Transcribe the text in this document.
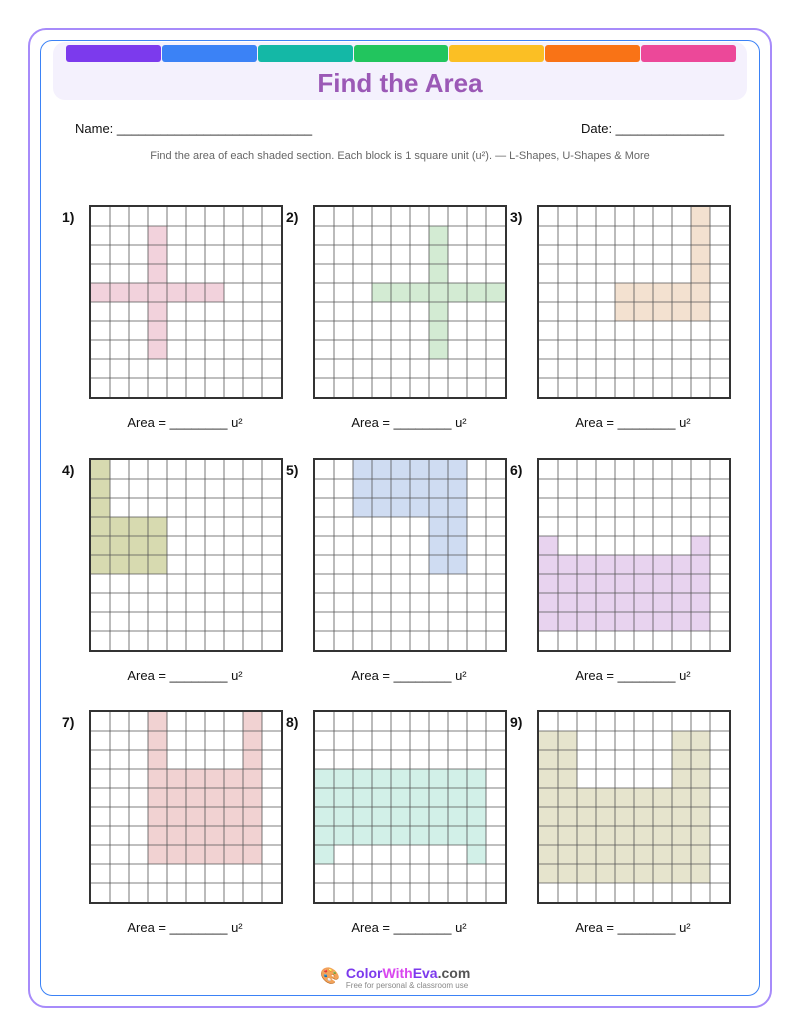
Find the Area
Name: ___________________________	Date: _______________
Find the area of each shaded section. Each block is 1 square unit (u²). — L-Shapes, U-Shapes & More
1)
Area = ________ u²
2)
Area = ________ u²
3)
Area = ________ u²
4)
Area = ________ u²
5)
Area = ________ u²
6)
Area = ________ u²
7)
Area = ________ u²
8)
Area = ________ u²
9)
Area = ________ u²
🎨 ColorWithEva.com
Free for personal & classroom use
